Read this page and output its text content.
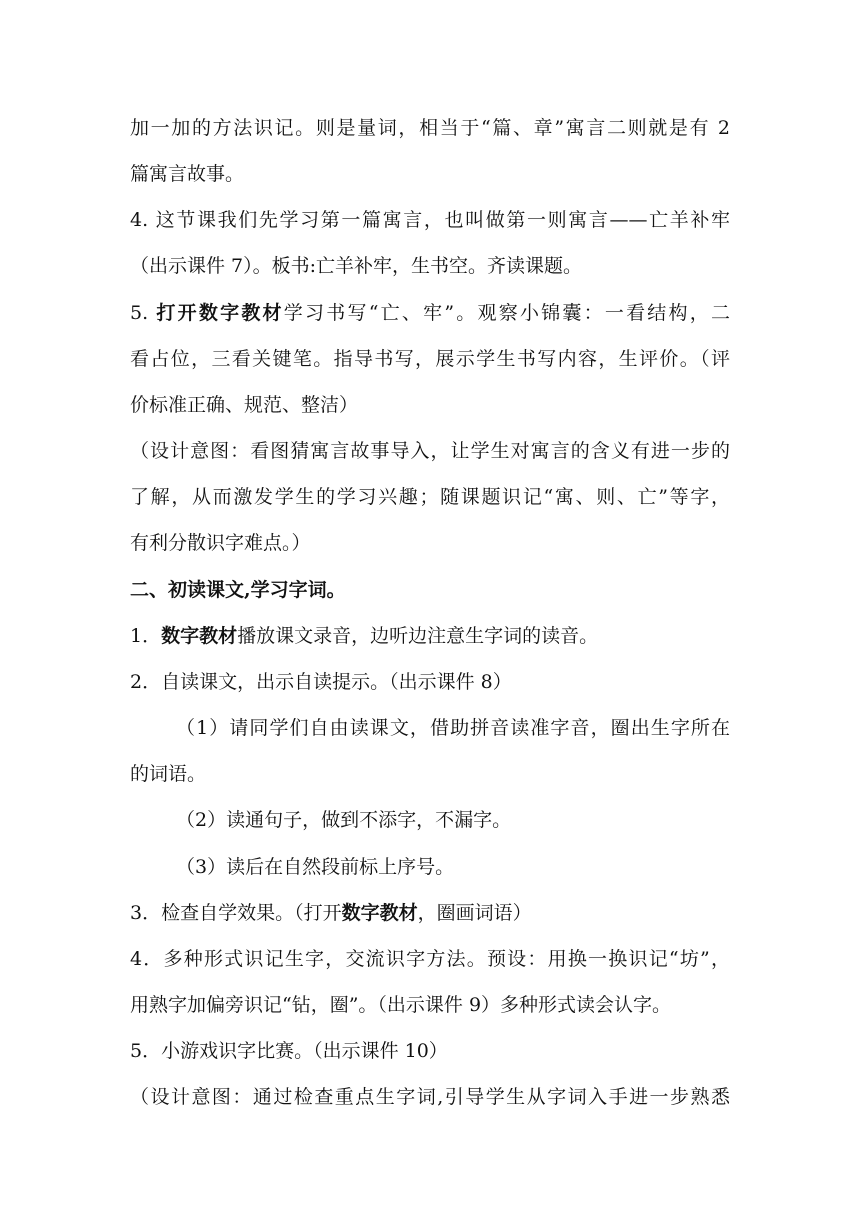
加一加的方法识记。则是量词，相当于“篇、章”寓言二则就是有 2
篇寓言故事。
4. 这节课我们先学习第一篇寓言，也叫做第一则寓言——亡羊补牢
（出示课件 7）。板书:亡羊补牢，生书空。齐读课题。
5. 打开数字教材学习书写“亡、牢”。观察小锦囊：一看结构，二
看占位，三看关键笔。指导书写，展示学生书写内容，生评价。（评
价标准正确、规范、整洁）
（设计意图：看图猜寓言故事导入，让学生对寓言的含义有进一步的
了解，从而激发学生的学习兴趣；随课题识记“寓、则、亡”等字，
有利分散识字难点。）
二、初读课文,学习字词。
1．数字教材播放课文录音，边听边注意生字词的读音。
2．自读课文，出示自读提示。（出示课件 8）
（1）请同学们自由读课文，借助拼音读准字音，圈出生字所在
的词语。
（2）读通句子，做到不添字，不漏字。
（3）读后在自然段前标上序号。
3．检查自学效果。（打开数字教材，圈画词语）
4．多种形式识记生字，交流识字方法。预设：用换一换识记“坊”，
用熟字加偏旁识记“钻，圈”。（出示课件 9）多种形式读会认字。
5．小游戏识字比赛。（出示课件 10）
（设计意图：通过检查重点生字词,引导学生从字词入手进一步熟悉
